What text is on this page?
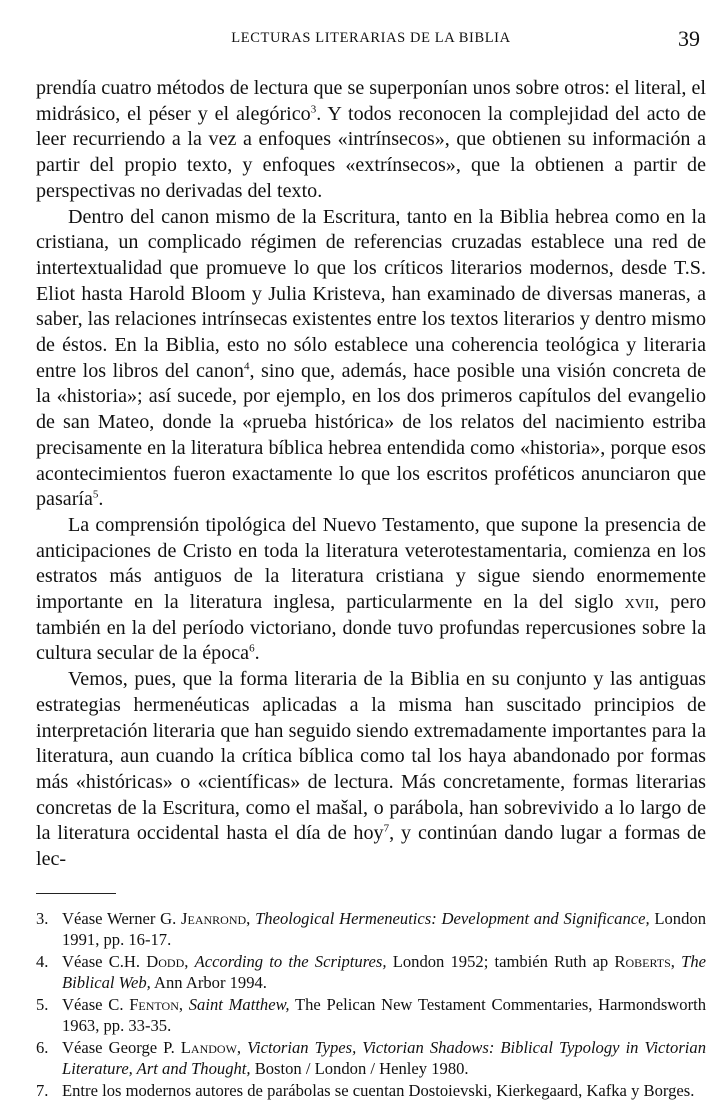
LECTURAS LITERARIAS DE LA BIBLIA	39

prendía cuatro métodos de lectura que se superponían unos sobre otros: el literal, el midrásico, el péser y el alegórico$^3$. Y todos reconocen la complejidad del acto de leer recurriendo a la vez a enfoques «intrínsecos», que obtienen su información a partir del propio texto, y enfoques «extrínsecos», que la obtienen a partir de perspectivas no derivadas del texto.

Dentro del canon mismo de la Escritura, tanto en la Biblia hebrea como en la cristiana, un complicado régimen de referencias cruzadas establece una red de intertextualidad que promueve lo que los críticos literarios modernos, desde T.S. Eliot hasta Harold Bloom y Julia Kristeva, han examinado de diversas maneras, a saber, las relaciones intrínsecas existentes entre los textos literarios y dentro mismo de éstos. En la Biblia, esto no sólo establece una coherencia teológica y literaria entre los libros del canon$^4$, sino que, además, hace posible una visión concreta de la «historia»; así sucede, por ejemplo, en los dos primeros capítulos del evangelio de san Mateo, donde la «prueba histórica» de los relatos del nacimiento estriba precisamente en la literatura bíblica hebrea entendida como «historia», porque esos acontecimientos fueron exactamente lo que los escritos proféticos anunciaron que pasaría$^5$.

La comprensión tipológica del Nuevo Testamento, que supone la presencia de anticipaciones de Cristo en toda la literatura veterotestamentaria, comienza en los estratos más antiguos de la literatura cristiana y sigue siendo enormemente importante en la literatura inglesa, particularmente en la del siglo xvii, pero también en la del período victoriano, donde tuvo profundas repercusiones sobre la cultura secular de la época$^6$.

Vemos, pues, que la forma literaria de la Biblia en su conjunto y las antiguas estrategias hermenéuticas aplicadas a la misma han suscitado principios de interpretación literaria que han seguido siendo extremadamente importantes para la literatura, aun cuando la crítica bíblica como tal los haya abandonado por formas más «históricas» o «científicas» de lectura. Más concretamente, formas literarias concretas de la Escritura, como el mašal, o parábola, han sobrevivido a lo largo de la literatura occidental hasta el día de hoy$^7$, y continúan dando lugar a formas de lec-

3. Véase Werner G. Jeanrond, Theological Hermeneutics: Development and Significance, London 1991, pp. 16-17.
4. Véase C.H. Dodd, According to the Scriptures, London 1952; también Ruth ap Roberts, The Biblical Web, Ann Arbor 1994.
5. Véase C. Fenton, Saint Matthew, The Pelican New Testament Commentaries, Harmondsworth 1963, pp. 33-35.
6. Véase George P. Landow, Victorian Types, Victorian Shadows: Biblical Typology in Victorian Literature, Art and Thought, Boston / London / Henley 1980.
7. Entre los modernos autores de parábolas se cuentan Dostoievski, Kierkegaard, Kafka y Borges.
